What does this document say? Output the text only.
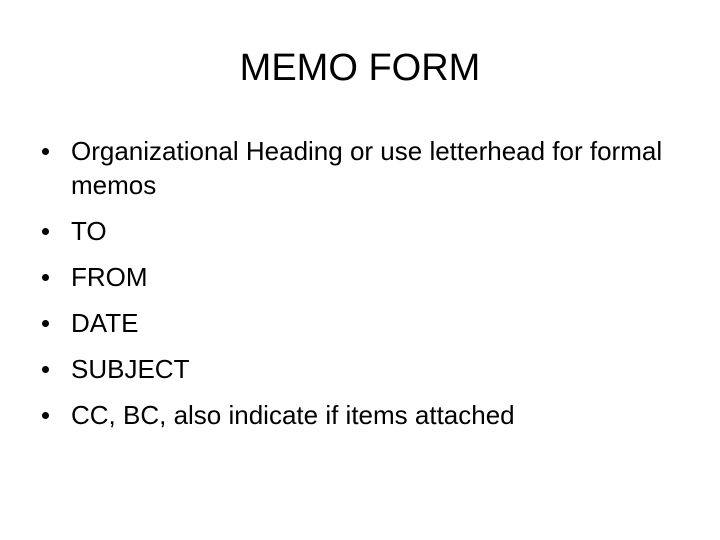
MEMO FORM
Organizational Heading or use letterhead for formal memos
TO
FROM
DATE
SUBJECT
CC, BC, also indicate if items attached
